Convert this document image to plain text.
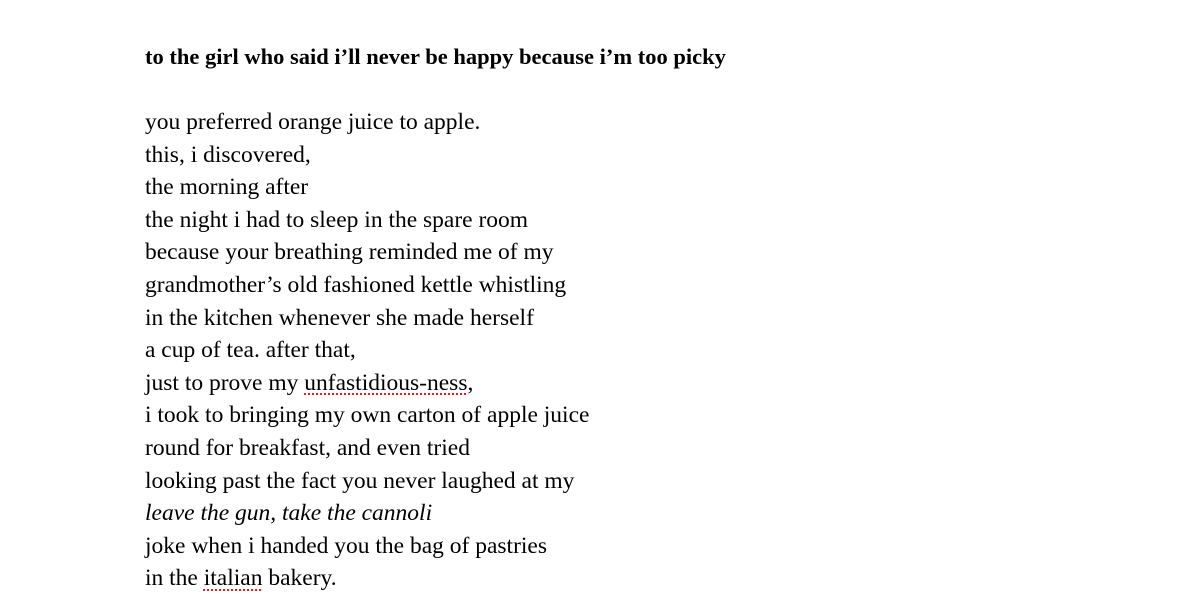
to the girl who said i’ll never be happy because i’m too picky
you preferred orange juice to apple.
this, i discovered,
the morning after
the night i had to sleep in the spare room
because your breathing reminded me of my
grandmother’s old fashioned kettle whistling
in the kitchen whenever she made herself
a cup of tea. after that,
just to prove my unfastidious-ness,
i took to bringing my own carton of apple juice
round for breakfast, and even tried
looking past the fact you never laughed at my
leave the gun, take the cannoli
joke when i handed you the bag of pastries
in the italian bakery.
